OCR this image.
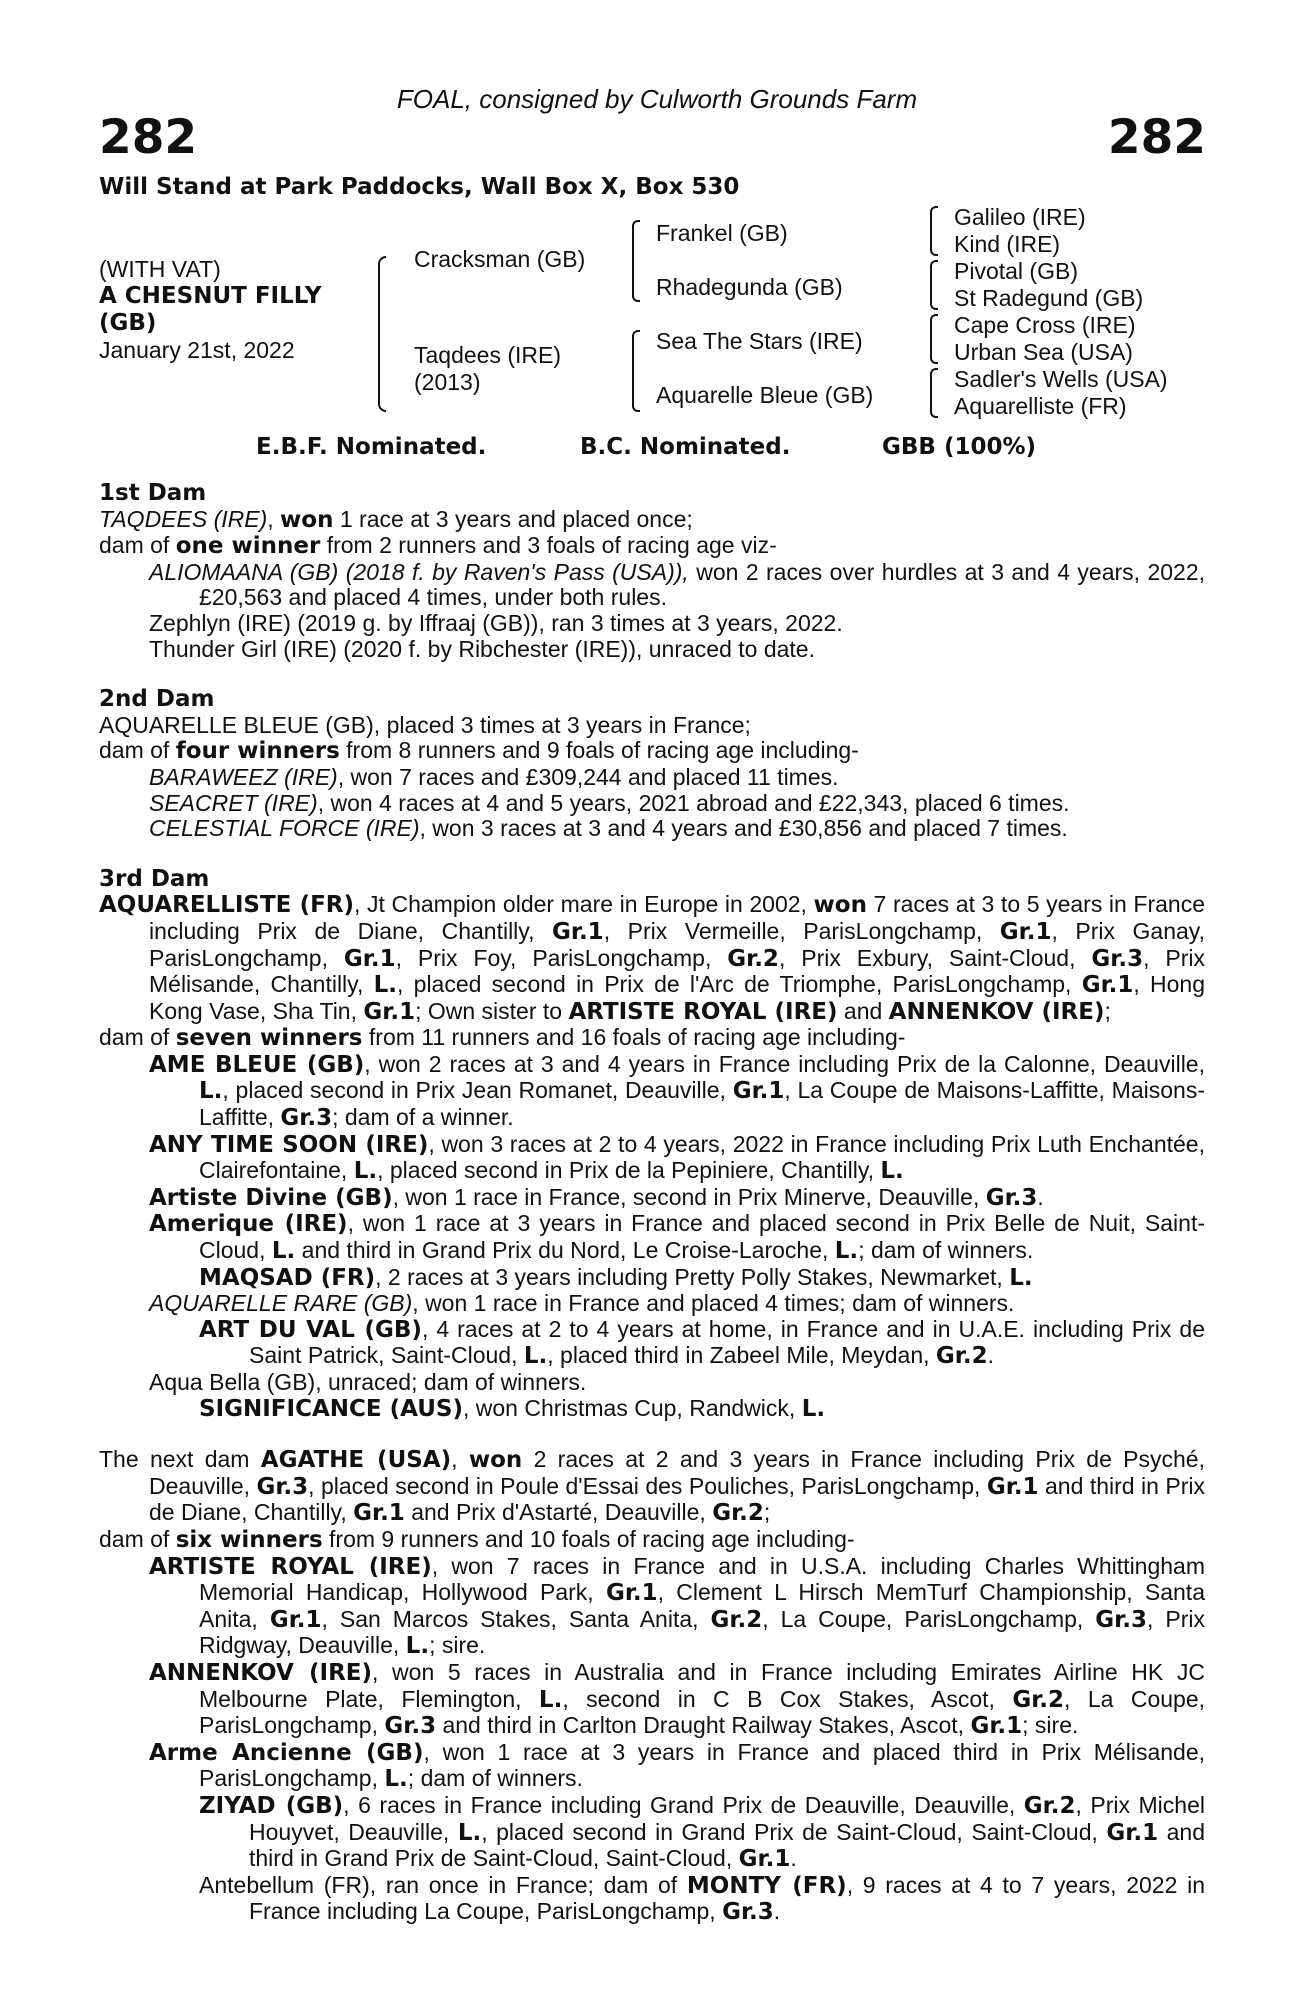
FOAL, consigned by Culworth Grounds Farm
282	282
Will Stand at Park Paddocks, Wall Box X, Box 530
(WITH VAT)
A CHESNUT FILLY
(GB)
January 21st, 2022
Cracksman (GB)
Taqdees (IRE)
(2013)
Frankel (GB)
Rhadegunda (GB)
Sea The Stars (IRE)
Aquarelle Bleue (GB)
Galileo (IRE)
Kind (IRE)
Pivotal (GB)
St Radegund (GB)
Cape Cross (IRE)
Urban Sea (USA)
Sadler's Wells (USA)
Aquarelliste (FR)
E.B.F. Nominated.	B.C. Nominated.	GBB (100%)

1st Dam

TAQDEES (IRE), won 1 race at 3 years and placed once;

dam of one winner from 2 runners and 3 foals of racing age viz-

ALIOMAANA (GB) (2018 f. by Raven's Pass (USA)), won 2 races over hurdles at 3 and 4 years, 2022, £20,563 and placed 4 times, under both rules.

Zephlyn (IRE) (2019 g. by Iffraaj (GB)), ran 3 times at 3 years, 2022.

Thunder Girl (IRE) (2020 f. by Ribchester (IRE)), unraced to date.

2nd Dam

AQUARELLE BLEUE (GB), placed 3 times at 3 years in France;

dam of four winners from 8 runners and 9 foals of racing age including-

BARAWEEZ (IRE), won 7 races and £309,244 and placed 11 times.

SEACRET (IRE), won 4 races at 4 and 5 years, 2021 abroad and £22,343, placed 6 times.

CELESTIAL FORCE (IRE), won 3 races at 3 and 4 years and £30,856 and placed 7 times.

3rd Dam

AQUARELLISTE (FR), Jt Champion older mare in Europe in 2002, won 7 races at 3 to 5 years in France including Prix de Diane, Chantilly, Gr.1, Prix Vermeille, ParisLongchamp, Gr.1, Prix Ganay, ParisLongchamp, Gr.1, Prix Foy, ParisLongchamp, Gr.2, Prix Exbury, Saint-Cloud, Gr.3, Prix Mélisande, Chantilly, L., placed second in Prix de l'Arc de Triomphe, ParisLongchamp, Gr.1, Hong Kong Vase, Sha Tin, Gr.1; Own sister to ARTISTE ROYAL (IRE) and ANNENKOV (IRE);

dam of seven winners from 11 runners and 16 foals of racing age including-

AME BLEUE (GB), won 2 races at 3 and 4 years in France including Prix de la Calonne, Deauville, L., placed second in Prix Jean Romanet, Deauville, Gr.1, La Coupe de Maisons-Laffitte, Maisons-Laffitte, Gr.3; dam of a winner.

ANY TIME SOON (IRE), won 3 races at 2 to 4 years, 2022 in France including Prix Luth Enchantée, Clairefontaine, L., placed second in Prix de la Pepiniere, Chantilly, L.

Artiste Divine (GB), won 1 race in France, second in Prix Minerve, Deauville, Gr.3.

Amerique (IRE), won 1 race at 3 years in France and placed second in Prix Belle de Nuit, Saint-Cloud, L. and third in Grand Prix du Nord, Le Croise-Laroche, L.; dam of winners.

MAQSAD (FR), 2 races at 3 years including Pretty Polly Stakes, Newmarket, L.

AQUARELLE RARE (GB), won 1 race in France and placed 4 times; dam of winners.

ART DU VAL (GB), 4 races at 2 to 4 years at home, in France and in U.A.E. including Prix de Saint Patrick, Saint-Cloud, L., placed third in Zabeel Mile, Meydan, Gr.2.

Aqua Bella (GB), unraced; dam of winners.

SIGNIFICANCE (AUS), won Christmas Cup, Randwick, L.

The next dam AGATHE (USA), won 2 races at 2 and 3 years in France including Prix de Psyché, Deauville, Gr.3, placed second in Poule d'Essai des Pouliches, ParisLongchamp, Gr.1 and third in Prix de Diane, Chantilly, Gr.1 and Prix d'Astarté, Deauville, Gr.2;

dam of six winners from 9 runners and 10 foals of racing age including-

ARTISTE ROYAL (IRE), won 7 races in France and in U.S.A. including Charles Whittingham Memorial Handicap, Hollywood Park, Gr.1, Clement L Hirsch MemTurf Championship, Santa Anita, Gr.1, San Marcos Stakes, Santa Anita, Gr.2, La Coupe, ParisLongchamp, Gr.3, Prix Ridgway, Deauville, L.; sire.

ANNENKOV (IRE), won 5 races in Australia and in France including Emirates Airline HK JC Melbourne Plate, Flemington, L., second in C B Cox Stakes, Ascot, Gr.2, La Coupe, ParisLongchamp, Gr.3 and third in Carlton Draught Railway Stakes, Ascot, Gr.1; sire.

Arme Ancienne (GB), won 1 race at 3 years in France and placed third in Prix Mélisande, ParisLongchamp, L.; dam of winners.

ZIYAD (GB), 6 races in France including Grand Prix de Deauville, Deauville, Gr.2, Prix Michel Houyvet, Deauville, L., placed second in Grand Prix de Saint-Cloud, Saint-Cloud, Gr.1 and third in Grand Prix de Saint-Cloud, Saint-Cloud, Gr.1.

Antebellum (FR), ran once in France; dam of MONTY (FR), 9 races at 4 to 7 years, 2022 in France including La Coupe, ParisLongchamp, Gr.3.
